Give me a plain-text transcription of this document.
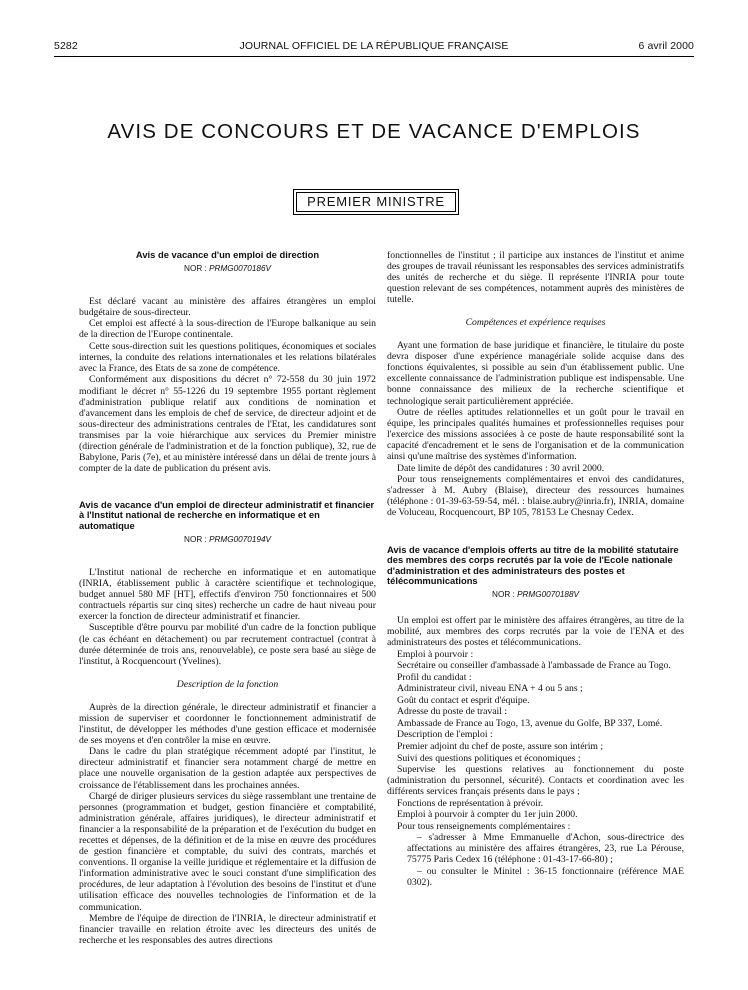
5282	JOURNAL OFFICIEL DE LA RÉPUBLIQUE FRANÇAISE	6 avril 2000
AVIS DE CONCOURS ET DE VACANCE D'EMPLOIS
PREMIER MINISTRE
Avis de vacance d'un emploi de direction
NOR : PRMG0070186V

Est déclaré vacant au ministère des affaires étrangères un emploi budgétaire de sous-directeur.

Cet emploi est affecté à la sous-direction de l'Europe balkanique au sein de la direction de l'Europe continentale.

Cette sous-direction suit les questions politiques, économiques et sociales internes, la conduite des relations internationales et les relations bilatérales avec la France, des Etats de sa zone de compétence.

Conformément aux dispositions du décret n° 72-558 du 30 juin 1972 modifiant le décret n° 55-1226 du 19 septembre 1955 portant règlement d'administration publique relatif aux conditions de nomination et d'avancement dans les emplois de chef de service, de directeur adjoint et de sous-directeur des administrations centrales de l'Etat, les candidatures sont transmises par la voie hiérarchique aux services du Premier ministre (direction générale de l'administration et de la fonction publique), 32, rue de Babylone, Paris (7e), et au ministère intéressé dans un délai de trente jours à compter de la date de publication du présent avis.

Avis de vacance d'un emploi de directeur administratif et financier à l'Institut national de recherche en informatique et en automatique
NOR : PRMG0070194V

L'Institut national de recherche en informatique et en automatique (INRIA, établissement public à caractère scientifique et technologique, budget annuel 580 MF [HT], effectifs d'environ 750 fonctionnaires et 500 contractuels répartis sur cinq sites) recherche un cadre de haut niveau pour exercer la fonction de directeur administratif et financier.

Susceptible d'être pourvu par mobilité d'un cadre de la fonction publique (le cas échéant en détachement) ou par recrutement contractuel (contrat à durée déterminée de trois ans, renouvelable), ce poste sera basé au siège de l'institut, à Rocquencourt (Yvelines).

Description de la fonction

Auprès de la direction générale, le directeur administratif et financier a mission de superviser et coordonner le fonctionnement administratif de l'institut, de développer les méthodes d'une gestion efficace et modernisée de ses moyens et d'en contrôler la mise en œuvre.

Dans le cadre du plan stratégique récemment adopté par l'institut, le directeur administratif et financier sera notamment chargé de mettre en place une nouvelle organisation de la gestion adaptée aux perspectives de croissance de l'établissement dans les prochaines années.

Chargé de diriger plusieurs services du siège rassemblant une trentaine de personnes (programmation et budget, gestion financière et comptabilité, administration générale, affaires juridiques), le directeur administratif et financier a la responsabilité de la préparation et de l'exécution du budget en recettes et dépenses, de la définition et de la mise en œuvre des procédures de gestion financière et comptable, du suivi des contrats, marchés et conventions. Il organise la veille juridique et réglementaire et la diffusion de l'information administrative avec le souci constant d'une simplification des procédures, de leur adaptation à l'évolution des besoins de l'institut et d'une utilisation efficace des nouvelles technologies de l'information et de la communication.

Membre de l'équipe de direction de l'INRIA, le directeur administratif et financier travaille en relation étroite avec les directeurs des unités de recherche et les responsables des autres directions

fonctionnelles de l'institut ; il participe aux instances de l'institut et anime des groupes de travail réunissant les responsables des services administratifs des unités de recherche et du siège. Il représente l'INRIA pour toute question relevant de ses compétences, notamment auprès des ministères de tutelle.

Compétences et expérience requises

Ayant une formation de base juridique et financière, le titulaire du poste devra disposer d'une expérience managériale solide acquise dans des fonctions équivalentes, si possible au sein d'un établissement public. Une excellente connaissance de l'administration publique est indispensable. Une bonne connaissance des milieux de la recherche scientifique et technologique serait particulièrement appréciée.

Outre de réelles aptitudes relationnelles et un goût pour le travail en équipe, les principales qualités humaines et professionnelles requises pour l'exercice des missions associées à ce poste de haute responsabilité sont la capacité d'encadrement et le sens de l'organisation et de la communication ainsi qu'une maîtrise des systèmes d'information.

Date limite de dépôt des candidatures : 30 avril 2000.

Pour tous renseignements complémentaires et envoi des candidatures, s'adresser à M. Aubry (Blaise), directeur des ressources humaines (téléphone : 01-39-63-59-54, mél. : blaise.aubry@inria.fr), INRIA, domaine de Voluceau, Rocquencourt, BP 105, 78153 Le Chesnay Cedex.

Avis de vacance d'emplois offerts au titre de la mobilité statutaire des membres des corps recrutés par la voie de l'Ecole nationale d'administration et des administrateurs des postes et télécommunications
NOR : PRMG0070188V

Un emploi est offert par le ministère des affaires étrangères, au titre de la mobilité, aux membres des corps recrutés par la voie de l'ENA et des administrateurs des postes et télécommunications.

Emploi à pourvoir :

Secrétaire ou conseiller d'ambassade à l'ambassade de France au Togo.

Profil du candidat :

Administrateur civil, niveau ENA + 4 ou 5 ans ;

Goût du contact et esprit d'équipe.

Adresse du poste de travail :

Ambassade de France au Togo, 13, avenue du Golfe, BP 337, Lomé.

Description de l'emploi :

Premier adjoint du chef de poste, assure son intérim ;

Suivi des questions politiques et économiques ;

Supervise les questions relatives au fonctionnement du poste (administration du personnel, sécurité). Contacts et coordination avec les différents services français présents dans le pays ;

Fonctions de représentation à prévoir.

Emploi à pourvoir à compter du 1er juin 2000.

Pour tous renseignements complémentaires :

– s'adresser à Mme Emmanuelle d'Achon, sous-directrice des affectations au ministère des affaires étrangères, 23, rue La Pérouse, 75775 Paris Cedex 16 (téléphone : 01-43-17-66-80) ;

– ou consulter le Minitel : 36-15 fonctionnaire (référence MAE 0302).
